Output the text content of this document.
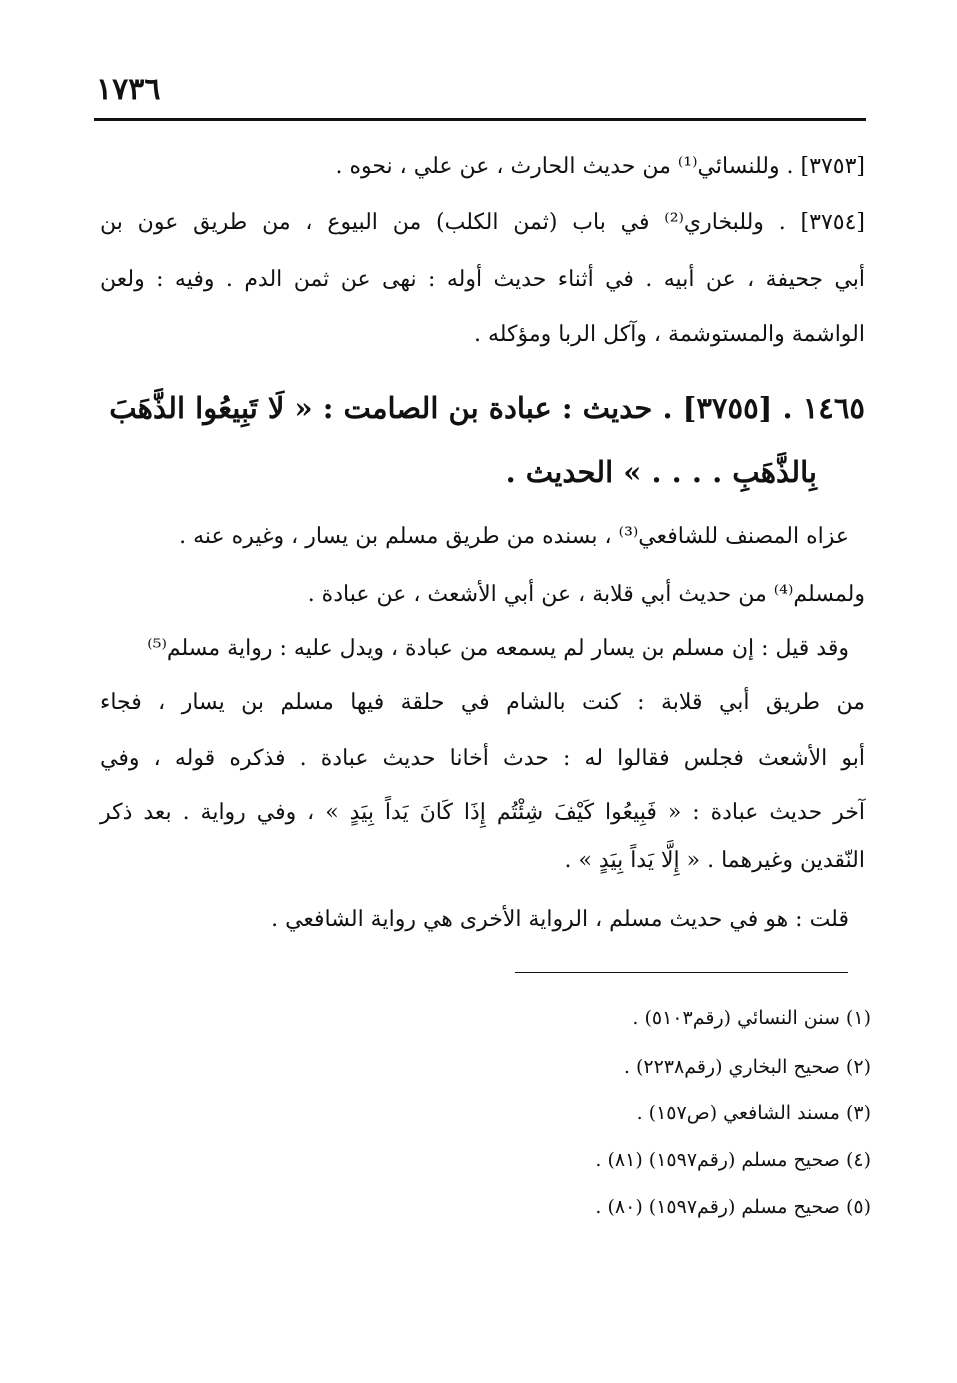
١٧٣٦
[٣٧٥٣] . وللنسائي⁽¹⁾ من حديث الحارث ، عن علي ، نحوه .
[٣٧٥٤] . وللبخاري⁽²⁾ في باب (ثمن الكلب) من البيوع ، من طريق عون بن
أبي جحيفة ، عن أبيه . في أثناء حديث أوله : نهى عن ثمن الدم . وفيه : ولعن
الواشمة والمستوشمة ، وآكل الربا ومؤكله .
١٤٦٥ . [٣٧٥٥] . حديث : عبادة بن الصامت : « لَا تَبِيعُوا الذَّهَبَ
بِالذَّهَبِ . . . . » الحديث .
عزاه المصنف للشافعي⁽³⁾ ، بسنده من طريق مسلم بن يسار ، وغيره عنه .
ولمسلم⁽⁴⁾ من حديث أبي قلابة ، عن أبي الأشعث ، عن عبادة .
وقد قيل : إن مسلم بن يسار لم يسمعه من عبادة ، ويدل عليه : رواية مسلم⁽⁵⁾
من طريق أبي قلابة : كنت بالشام في حلقة فيها مسلم بن يسار ، فجاء
أبو الأشعث فجلس فقالوا له : حدث أخانا حديث عبادة . فذكره قوله ، وفي
آخر حديث عبادة : « فَبِيعُوا كَيْفَ شِئْتُم إِذَا كَانَ يَداً بِيَدٍ » ، وفي رواية . بعد ذكر
النّقدين وغيرهما . « إِلَّا يَداً بِيَدٍ » .
قلت : هو في حديث مسلم ، الرواية الأخرى هي رواية الشافعي .
(١) سنن النسائي (رقم٥١٠٣) .
(٢) صحيح البخاري (رقم٢٢٣٨) .
(٣) مسند الشافعي (ص١٥٧) .
(٤) صحيح مسلم (رقم١٥٩٧) (٨١) .
(٥) صحيح مسلم (رقم١٥٩٧) (٨٠) .
